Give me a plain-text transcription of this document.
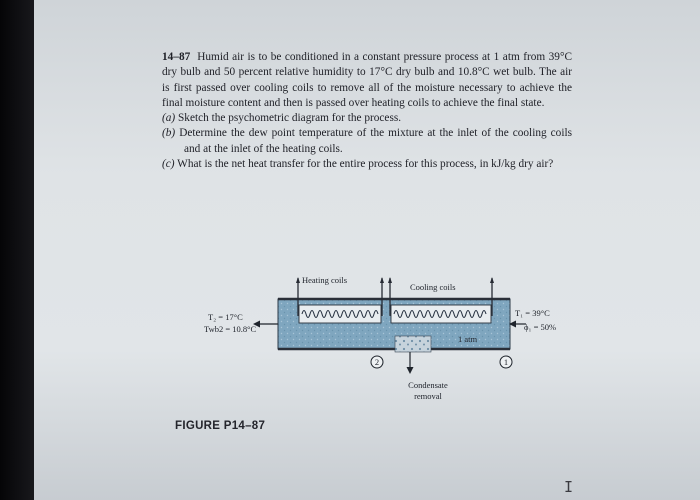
14–87 Humid air is to be conditioned in a constant pressure process at 1 atm from 39°C dry bulb and 50 percent relative humidity to 17°C dry bulb and 10.8°C wet bulb. The air is first passed over cooling coils to remove all of the moisture necessary to achieve the final moisture content and then is passed over heating coils to achieve the final state.

(a) Sketch the psychometric diagram for the process.
(b) Determine the dew point temperature of the mixture at the inlet of the cooling coils and at the inlet of the heating coils.
(c) What is the net heat transfer for the entire process for this process, in kJ/kg dry air?
Heating coils
Cooling coils
T₂ = 17°C
Twb2 = 10.8°C
T₁ = 39°C
ϕ₁ = 50%
1 atm
2	1
Condensate
removal
FIGURE P14–87
I
